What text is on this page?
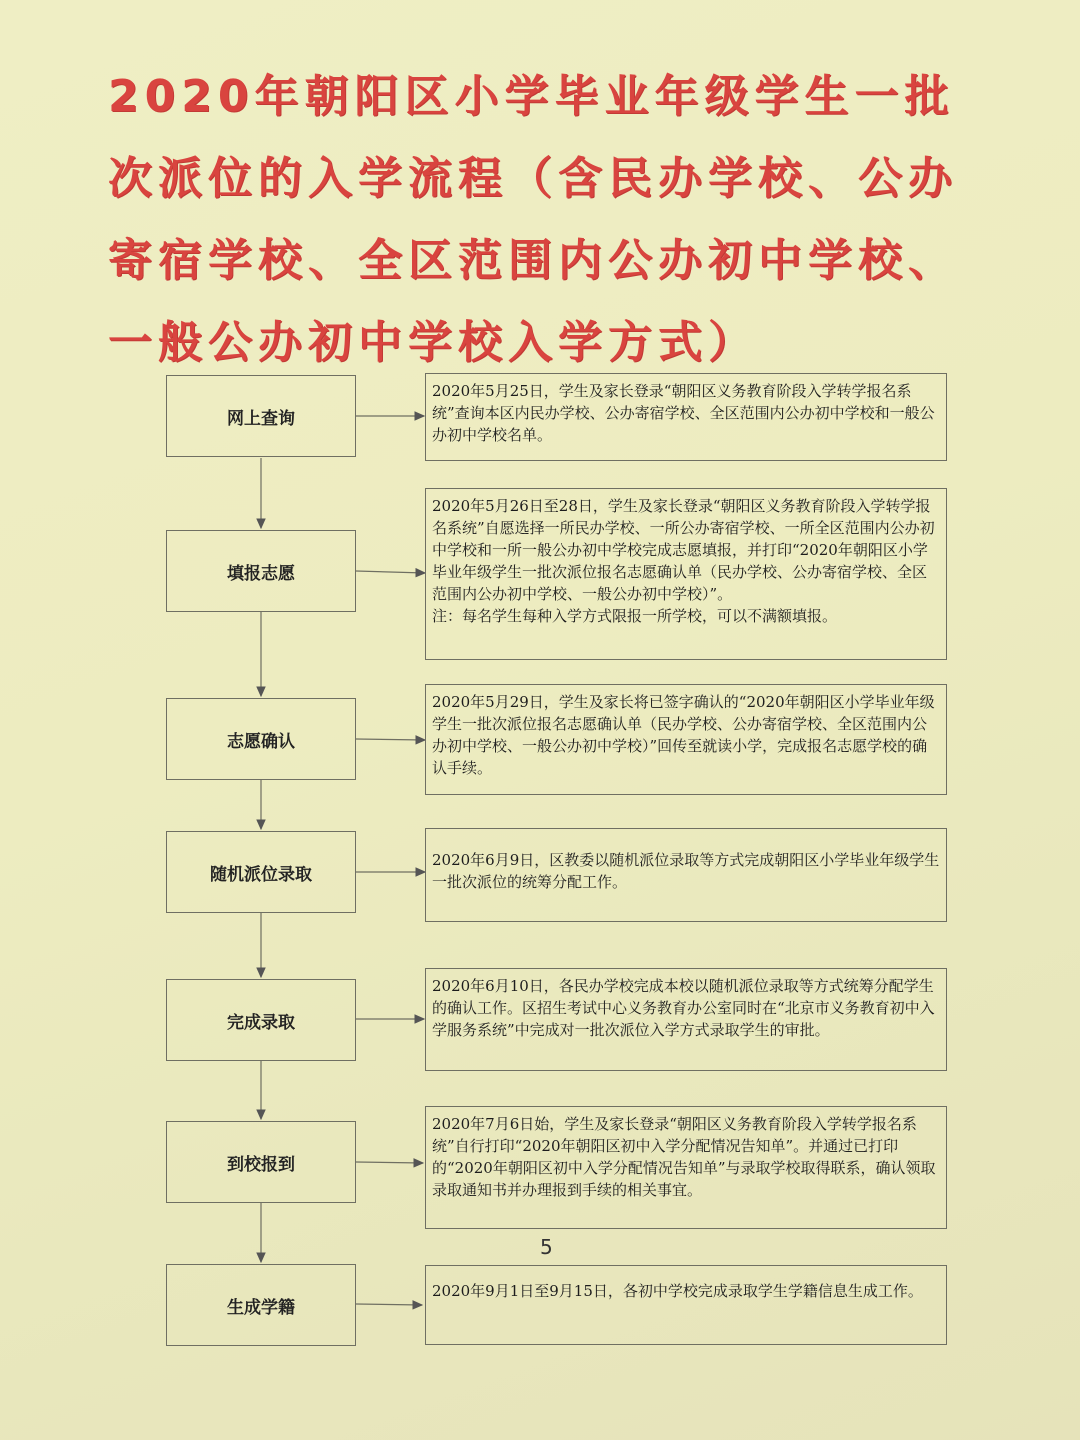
2020年朝阳区小学毕业年级学生一批次派位的入学流程（含民办学校、公办寄宿学校、全区范围内公办初中学校、一般公办初中学校入学方式）
网上查询
填报志愿
志愿确认
随机派位录取
完成录取
到校报到
生成学籍

2020年5月25日，学生及家长登录“朝阳区义务教育阶段入学转学报名系统”查询本区内民办学校、公办寄宿学校、全区范围内公办初中学校和一般公办初中学校名单。

2020年5月26日至28日，学生及家长登录“朝阳区义务教育阶段入学转学报名系统”自愿选择一所民办学校、一所公办寄宿学校、一所全区范围内公办初中学校和一所一般公办初中学校完成志愿填报，并打印“2020年朝阳区小学毕业年级学生一批次派位报名志愿确认单（民办学校、公办寄宿学校、全区范围内公办初中学校、一般公办初中学校）”。

注：每名学生每种入学方式限报一所学校，可以不满额填报。

2020年5月29日，学生及家长将已签字确认的“2020年朝阳区小学毕业年级学生一批次派位报名志愿确认单（民办学校、公办寄宿学校、全区范围内公办初中学校、一般公办初中学校）”回传至就读小学，完成报名志愿学校的确认手续。

2020年6月9日，区教委以随机派位录取等方式完成朝阳区小学毕业年级学生一批次派位的统筹分配工作。

2020年6月10日，各民办学校完成本校以随机派位录取等方式统筹分配学生的确认工作。区招生考试中心义务教育办公室同时在“北京市义务教育初中入学服务系统”中完成对一批次派位入学方式录取学生的审批。

2020年7月6日始，学生及家长登录“朝阳区义务教育阶段入学转学报名系统”自行打印“2020年朝阳区初中入学分配情况告知单”。并通过已打印的“2020年朝阳区初中入学分配情况告知单”与录取学校取得联系，确认领取录取通知书并办理报到手续的相关事宜。

2020年9月1日至9月15日，各初中学校完成录取学生学籍信息生成工作。

5
